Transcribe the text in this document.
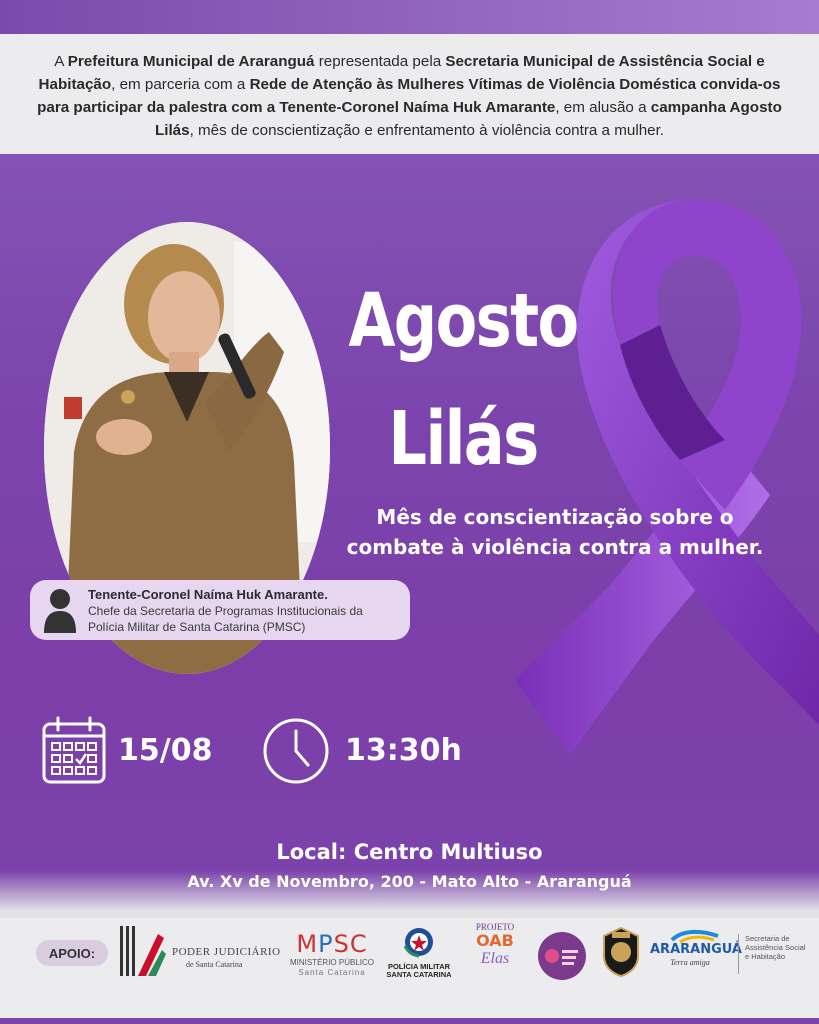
A Prefeitura Municipal de Araranguá representada pela Secretaria Municipal de Assistência Social e Habitação, em parceria com a Rede de Atenção às Mulheres Vítimas de Violência Doméstica convida-os para participar da palestra com a Tenente-Coronel Naíma Huk Amarante, em alusão a campanha Agosto Lilás, mês de conscientização e enfrentamento à violência contra a mulher.
Tenente-Coronel Naíma Huk Amarante.
Chefe da Secretaria de Programas Institucionais da
Polícia Militar de Santa Catarina (PMSC)
Agosto
Lilás
Mês de conscientização sobre o
combate à violência contra a mulher.
15/08	13:30h
Local: Centro Multiuso
Av. Xv de Novembro, 200 - Mato Alto - Araranguá
APOIO:	PODER JUDICIÁRIO
de Santa Catarina
MPSC
MINISTÉRIO PÚBLICO
Santa Catarina
POLÍCIA MILITAR
SANTA CATARINA
PROJETO
OAB
Elas
ARARANGUÁ
Terra amiga
Secretaria de
Assistência Social
e Habitação
